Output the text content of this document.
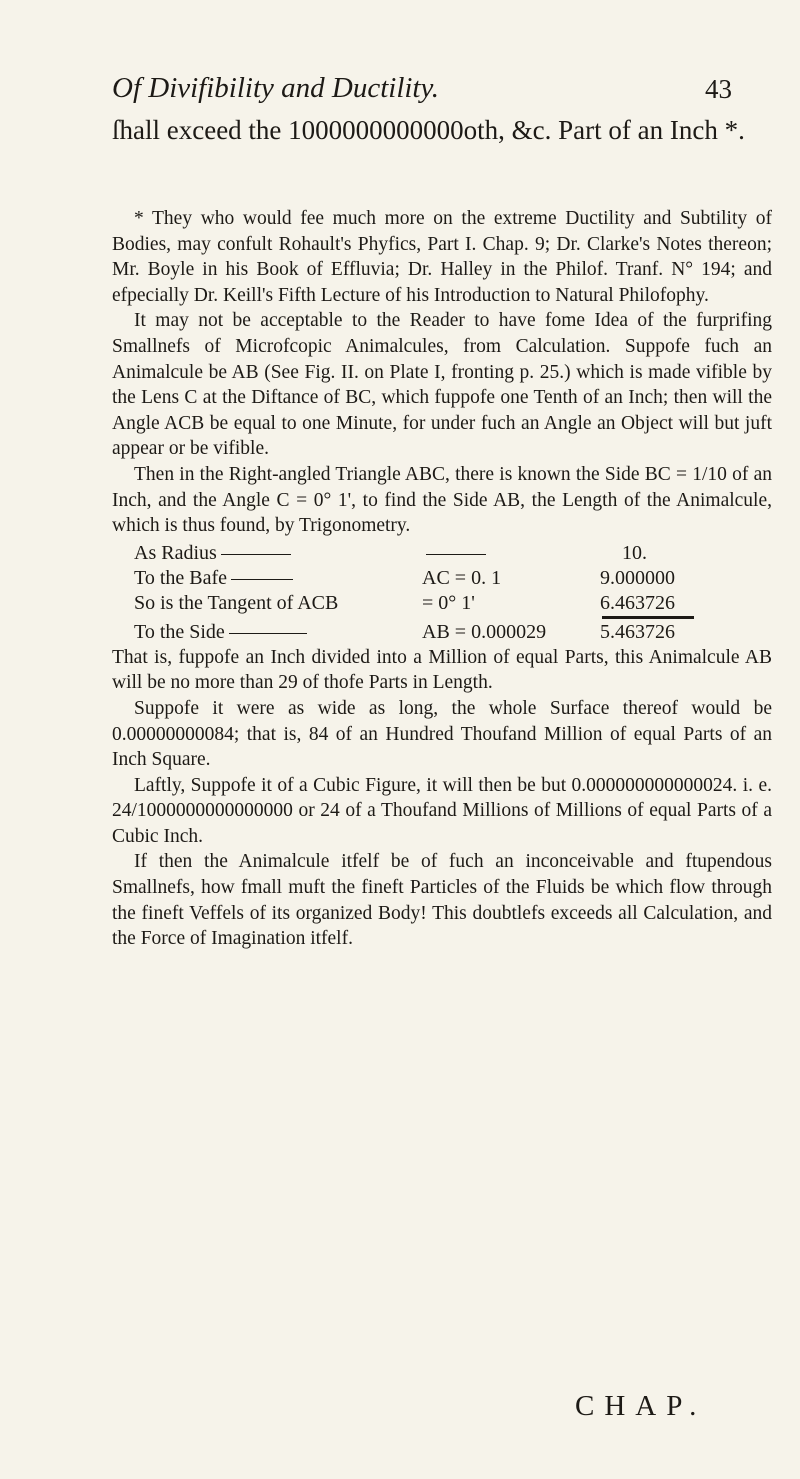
Of Divifibility and Ductility.	43

ſhall exceed the 1000000000000oth, &c. Part of an Inch *.

* They who would fee much more on the extreme Ductility and Subtility of Bodies, may confult Rohault's Phyfics, Part I. Chap. 9; Dr. Clarke's Notes thereon; Mr. Boyle in his Book of Effluvia; Dr. Halley in the Philof. Tranf. N° 194; and efpecially Dr. Keill's Fifth Lecture of his Introduction to Natural Philofophy.

It may not be acceptable to the Reader to have fome Idea of the furprifing Smallnefs of Microfcopic Animalcules, from Calculation. Suppofe fuch an Animalcule be AB (See Fig. II. on Plate I, fronting p. 25.) which is made vifible by the Lens C at the Diftance of BC, which fuppofe one Tenth of an Inch; then will the Angle ACB be equal to one Minute, for under fuch an Angle an Object will but juft appear or be vifible.

Then in the Right-angled Triangle ABC, there is known the Side BC = 1/10 of an Inch, and the Angle C = 0° 1', to find the Side AB, the Length of the Animalcule, which is thus found, by Trigonometry.

As Radius		10.
To the Bafe	AC = 0. 1	9.000000
So is the Tangent of ACB	= 0° 1'	6.463726

To the Side	AB = 0.000029	5.463726

That is, fuppofe an Inch divided into a Million of equal Parts, this Animalcule AB will be no more than 29 of thofe Parts in Length.

Suppofe it were as wide as long, the whole Surface thereof would be 0.00000000084; that is, 84 of an Hundred Thoufand Million of equal Parts of an Inch Square.

Laftly, Suppofe it of a Cubic Figure, it will then be but 0.000000000000024. i. e. 24/1000000000000000 or 24 of a Thoufand Millions of Millions of equal Parts of a Cubic Inch.

If then the Animalcule itfelf be of fuch an inconceivable and ftupendous Smallnefs, how fmall muft the fineft Particles of the Fluids be which flow through the fineft Veffels of its organized Body! This doubtlefs exceeds all Calculation, and the Force of Imagination itfelf.

CHAP.
